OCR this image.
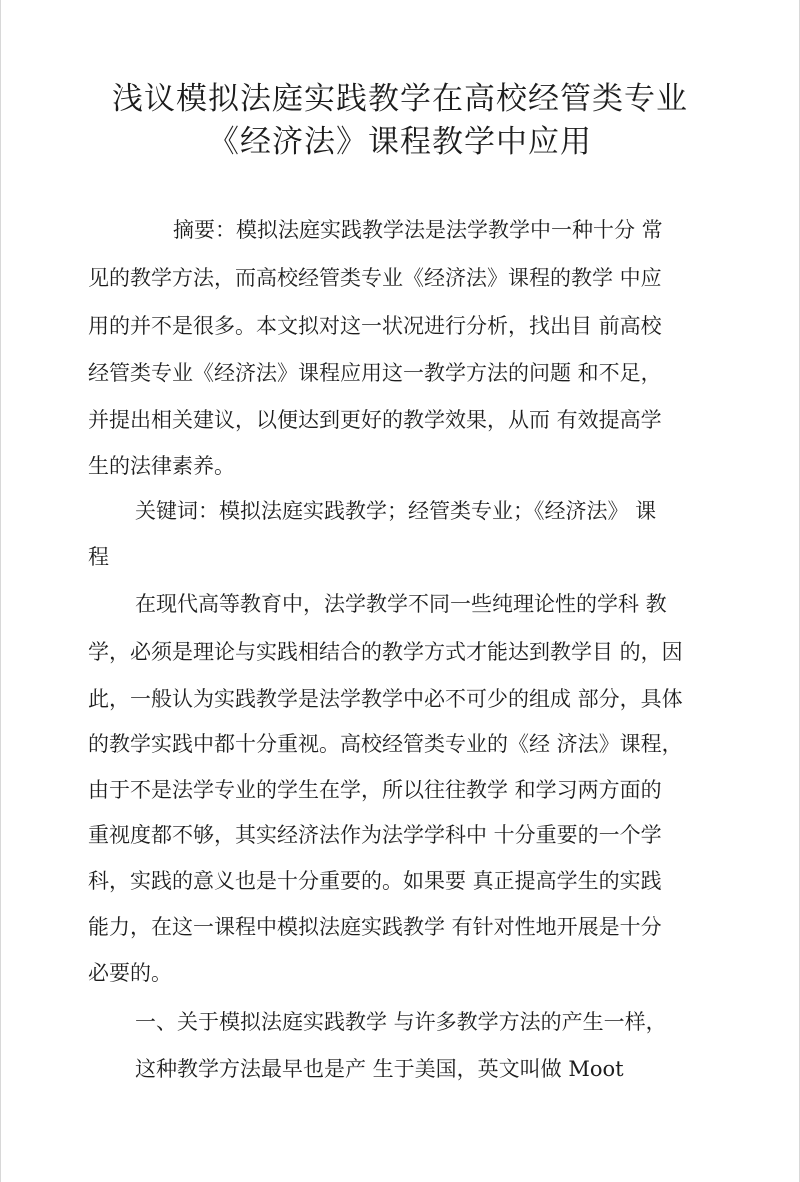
浅议模拟法庭实践教学在高校经管类专业
《经济法》课程教学中应用
摘要：模拟法庭实践教学法是法学教学中一种十分 常
见的教学方法，而高校经管类专业《经济法》课程的教学 中应
用的并不是很多。本文拟对这一状况进行分析，找出目 前高校
经管类专业《经济法》课程应用这一教学方法的问题 和不足，
并提出相关建议，以便达到更好的教学效果，从而 有效提高学
生的法律素养。
关键词：模拟法庭实践教学；经管类专业；《经济法》 课
程
在现代高等教育中，法学教学不同一些纯理论性的学科 教
学，必须是理论与实践相结合的教学方式才能达到教学目 的，因
此，一般认为实践教学是法学教学中必不可少的组成 部分，具体
的教学实践中都十分重视。高校经管类专业的《经 济法》课程，
由于不是法学专业的学生在学，所以往往教学 和学习两方面的
重视度都不够，其实经济法作为法学学科中 十分重要的一个学
科，实践的意义也是十分重要的。如果要 真正提高学生的实践
能力，在这一课程中模拟法庭实践教学 有针对性地开展是十分
必要的。
一、关于模拟法庭实践教学 与许多教学方法的产生一样，
这种教学方法最早也是产 生于美国，英文叫做 Moot
